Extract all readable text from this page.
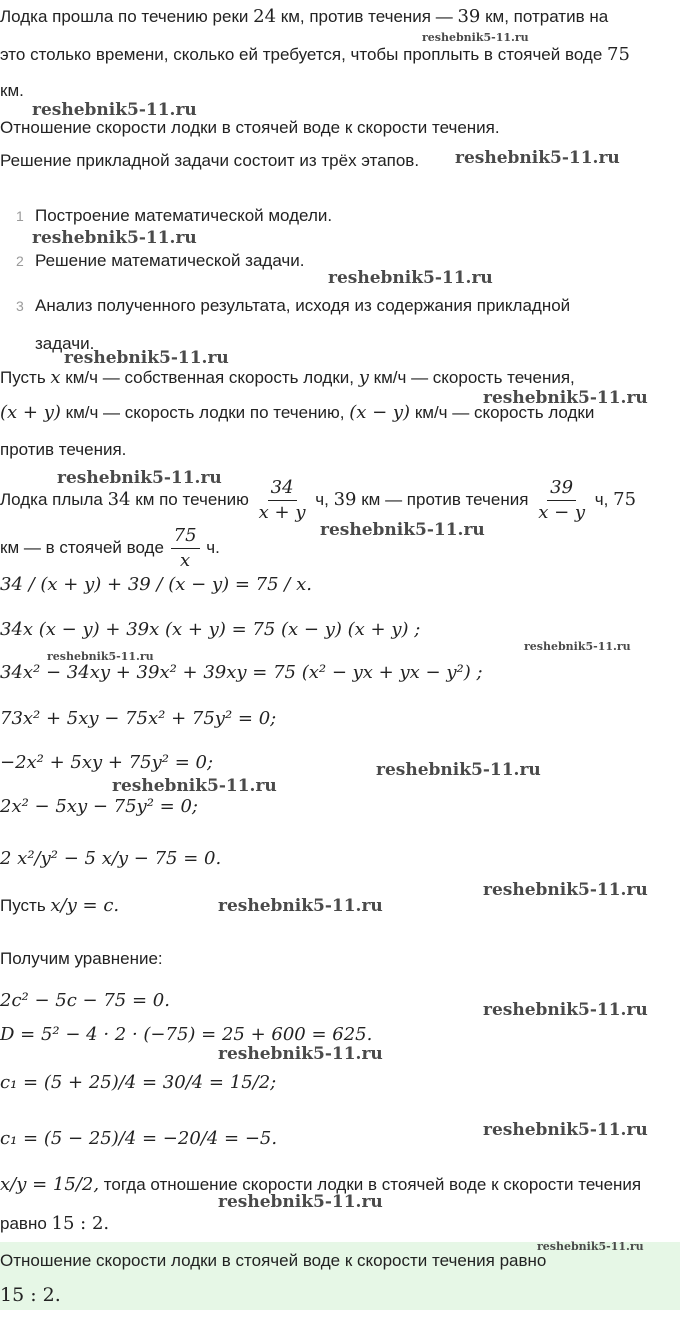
Лодка прошла по течению реки 24 км, против течения — 39 км, потратив на
это столько времени, сколько ей требуется, чтобы проплыть в стоячей воде 75
км.
Отношение скорости лодки в стоячей воде к скорости течения.
Решение прикладной задачи состоит из трёх этапов.
1 Построение математической модели.
2 Решение математической задачи.
3 Анализ полученного результата, исходя из содержания прикладной
задачи.
Пусть x км/ч — собственная скорость лодки, y км/ч — скорость течения,
(x + y) км/ч — скорость лодки по течению, (x − y) км/ч — скорость лодки
против течения.
Лодка плыла 34 км по течению $\frac{34}{x + y} ч$, 39 км — против течения $\frac{39}{x - y} ч$, 75
км — в стоячей воде $\frac{75}{x} ч$.
34 / (x + y) + 39 / (x − y) = 75 / x.
34x (x − y) + 39x (x + y) = 75 (x − y) (x + y) ;
34x² − 34xy + 39x² + 39xy = 75 (x² − yx + yx − y²) ;
73x² + 5xy − 75x² + 75y² = 0;
−2x² + 5xy + 75y² = 0;
2x² − 5xy − 75y² = 0;
2 x²/y² − 5 x/y − 75 = 0.
Пусть x/y = c.
Получим уравнение:
2c² − 5c − 75 = 0.
D = 5² − 4 · 2 · (−75) = 25 + 600 = 625.
c₁ = (5 + 25)/4 = 30/4 = 15/2;
c₁ = (5 − 25)/4 = −20/4 = −5.
x/y = 15/2, тогда отношение скорости лодки в стоячей воде к скорости течения
равно 15 : 2.
Отношение скорости лодки в стоячей воде к скорости течения равно
15 : 2.
reshebnik5-11.ru
reshebnik5-11.ru
reshebnik5-11.ru
reshebnik5-11.ru
reshebnik5-11.ru
reshebnik5-11.ru
reshebnik5-11.ru
reshebnik5-11.ru
reshebnik5-11.ru
reshebnik5-11.ru
reshebnik5-11.ru
reshebnik5-11.ru
reshebnik5-11.ru
reshebnik5-11.ru
reshebnik5-11.ru
reshebnik5-11.ru
reshebnik5-11.ru
reshebnik5-11.ru
reshebnik5-11.ru
reshebnik5-11.ru
